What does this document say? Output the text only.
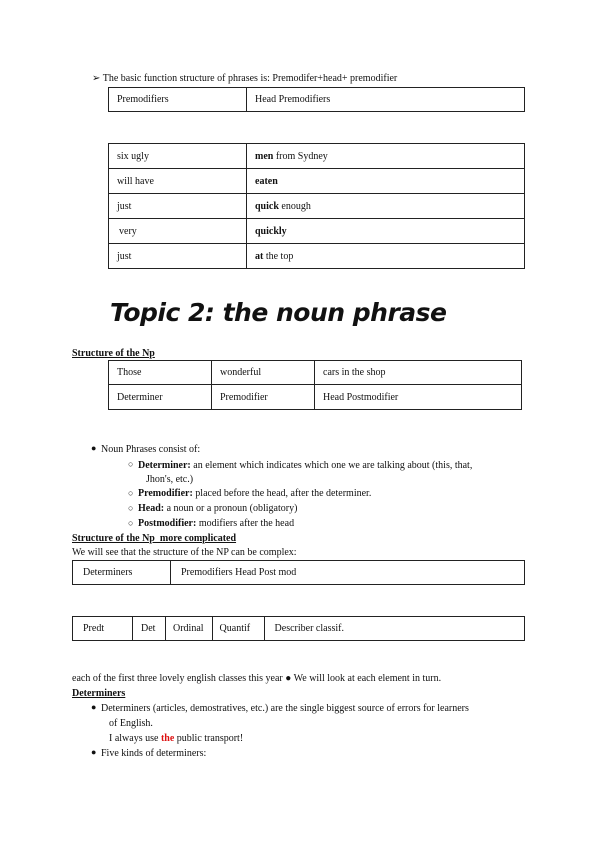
➢ The basic function structure of phrases is: Premodifer+head+ premodifier
Premodifiers	Head Premodifiers
six ugly	men from Sydney
will have	eaten
just	quick enough
very	quickly
just	at the top
Topic 2: the noun phrase
Structure of the Np
Those	wonderful	cars in the shop
Determiner	Premodifier	Head Postmodifier
● Noun Phrases consist of:
○ Determiner: an element which indicates which one we are talking about (this, that,
Jhon's, etc.)
○ Premodifier: placed before the head, after the determiner.
○ Head: a noun or a pronoun (obligatory)
○ Postmodifier: modifiers after the head
Structure of the Np  more complicated
We will see that the structure of the NP can be complex:
Determiners	Premodifiers Head Post mod
Predt	Det	Ordinal	Quantif	Describer classif.
each of the first three lovely english classes this year ● We will look at each element in turn.
Determiners
● Determiners (articles, demostratives, etc.) are the single biggest source of errors for learners
of English.
I always use the public transport!
● Five kinds of determiners:
